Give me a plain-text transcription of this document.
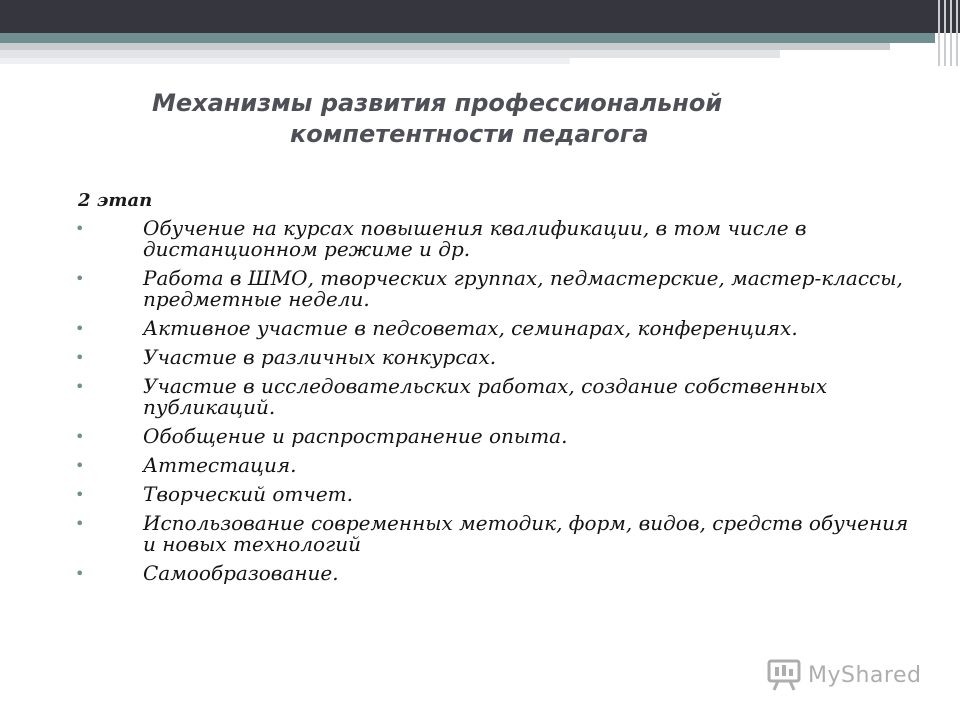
Механизмы развития профессиональной
компетентности педагога
2 этап
•	Обучение на курсах повышения квалификации, в том числе в дистанционном режиме и др.
•	Работа в ШМО, творческих группах, педмастерские, мастер-классы, предметные недели.
•	Активное участие в педсоветах, семинарах, конференциях.
•	Участие в различных конкурсах.
•	Участие в исследовательских работах, создание собственных публикаций.
•	Обобщение и распространение опыта.
•	Аттестация.
•	Творческий отчет.
•	Использование современных методик, форм, видов, средств обучения и новых технологий
•	Самообразование.
MyShared
